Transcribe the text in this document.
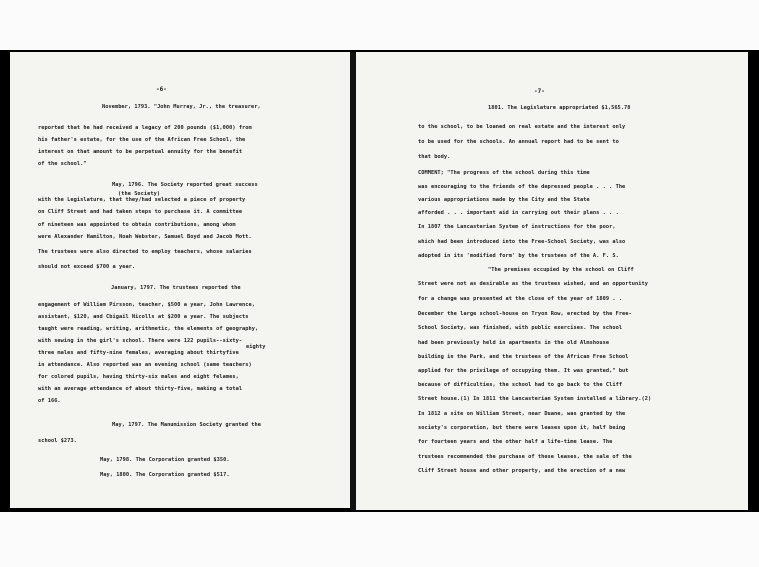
-6-
November, 1793. "John Murray, Jr., the treasurer,
reported that he had received a legacy of 200 pounds ($1,000) from
his father's estate, for the use of the African Free School, the
interest on that amount to be perpetual annuity for the benefit
of the school."
May, 1796. The Society reported great success
(the Society)
with the Legislature, that they/had selected a piece of property
on Cliff Street and had taken steps to purchase it. A committee
of nineteen was appointed to obtain contributions, among whom
were Alexander Hamilton, Noah Webster, Samuel Boyd and Jacob Mott.
The trustees were also directed to employ teachers, whose salaries
should not exceed $700 a year.
January, 1797. The trustees reported the
engagement of William Pirsson, teacher, $500 a year, John Lawrence,
assistant, $120, and Cbigail Nicolls at $200 a year. The subjects
taught were reading, writing, arithmetic, the elements of geography,
with sewing in the girl's school. There were 122 pupils--sixty-
eighty
three males and fifty-nine females, averaging about thirtyfive
in attendance. Also reported was an evening school (same teachers)
for colored pupils, having thirty-six males and eight felames,
with an average attendance of about thirty-five, making a total
of 166.
May, 1797. The Manumission Society granted the
school $273.
May, 1798. The Corporation granted $350.
May, 1800. The Corporation granted $517.
-7-
1801. The Legislature appropriated $1,565.78
to the school, to be loaned on real estate and the interest only
to be used for the schools. An annual report had to be sent to
that body.
COMMENT; "The progress of the school during this time
was encouraging to the friends of the depressed people . . . The
various appropriations made by the City and the State
afforded . . . important aid in carrying out their plans . . .
In 1807 the Lancasterian System of instructions for the poor,
which had been introduced into the Free-School Society, was also
adopted in its 'modified form' by the trustees of the A. F. S.
"The premises occupied by the school on Cliff
Street were not as desirable as the trustees wished, and an opportunity
for a change was presented at the close of the year of 1809 . .
December the large school-house on Tryon Row, erected by the Free-
School Society, was finished, with public exercises. The school
had been previously held in apartments in the old Almshouse
building in the Park, and the trustees of the African Free School
applied for the privilege of occupying them. It was granted," but
because of difficulties, the school had to go back to the Cliff
Street house.(1) In 1811 the Lancasterian System installed a library.(2)
In 1812 a site on William Street, near Duane, was granted by the
society's corporation, but there were leases upon it, half being
for fourteen years and the other half a life-time lease. The
trustees recommended the purchase of these leases, the sale of the
Cliff Street house and other property, and the erection of a new
